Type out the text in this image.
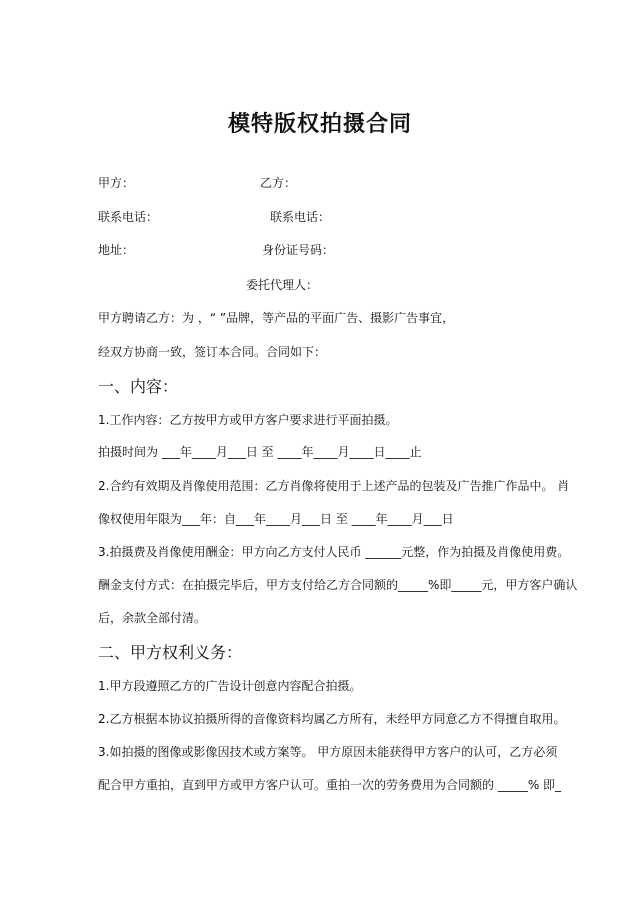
模特版权拍摄合同
甲方：	乙方：
联系电话：	联系电话：
地址：	身份证号码：
委托代理人：
甲方聘请乙方：为 ，“ ”品牌，等产品的平面广告、摄影广告事宜，
经双方协商一致，签订本合同。合同如下：
一、内容：
1.工作内容：乙方按甲方或甲方客户要求进行平面拍摄。
拍摄时间为 ___年____月___日 至 ____年____月____日____止
2.合约有效期及肖像使用范围：乙方肖像将使用于上述产品的包装及广告推广作品中。 肖
像权使用年限为___年：自___年____月___日 至 ____年____月___日
3.拍摄费及肖像使用酬金：甲方向乙方支付人民币 ______元整，作为拍摄及肖像使用费。
酬金支付方式：在拍摄完毕后，甲方支付给乙方合同额的_____%即_____元，甲方客户确认
后，余款全部付清。
二、甲方权利义务：
1.甲方段遵照乙方的广告设计创意内容配合拍摄。
2.乙方根据本协议拍摄所得的音像资料均属乙方所有，未经甲方同意乙方不得擅自取用。
3.如拍摄的图像或影像因技术或方案等。 甲方原因未能获得甲方客户的认可，乙方必须
配合甲方重拍，直到甲方或甲方客户认可。重拍一次的劳务费用为合同额的 _____% 即_
